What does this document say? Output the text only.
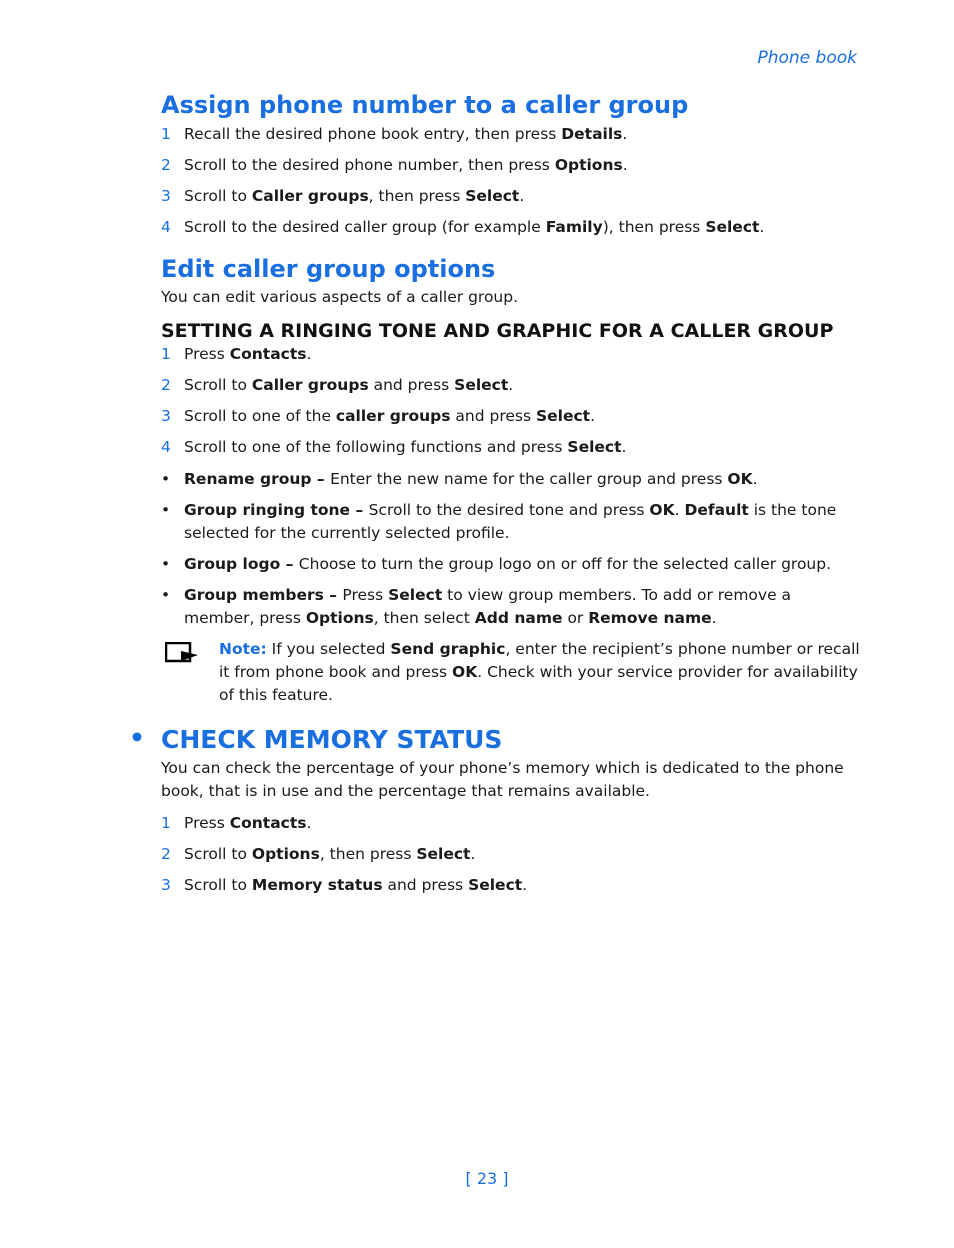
Phone book
Assign phone number to a caller group

1 Recall the desired phone book entry, then press Details.

2 Scroll to the desired phone number, then press Options.

3 Scroll to Caller groups, then press Select.

4 Scroll to the desired caller group (for example Family), then press Select.

Edit caller group options

You can edit various aspects of a caller group.

SETTING A RINGING TONE AND GRAPHIC FOR A CALLER GROUP

1 Press Contacts.

2 Scroll to Caller groups and press Select.

3 Scroll to one of the caller groups and press Select.

4 Scroll to one of the following functions and press Select.

• Rename group – Enter the new name for the caller group and press OK.

• Group ringing tone – Scroll to the desired tone and press OK. Default is the tone selected for the currently selected profile.

• Group logo – Choose to turn the group logo on or off for the selected caller group.

• Group members – Press Select to view group members. To add or remove a member, press Options, then select Add name or Remove name.

Note: If you selected Send graphic, enter the recipient’s phone number or recall it from phone book and press OK. Check with your service provider for availability of this feature.
• CHECK MEMORY STATUS

You can check the percentage of your phone’s memory which is dedicated to the phone book, that is in use and the percentage that remains available.

1 Press Contacts.

2 Scroll to Options, then press Select.

3 Scroll to Memory status and press Select.

[ 23 ]
